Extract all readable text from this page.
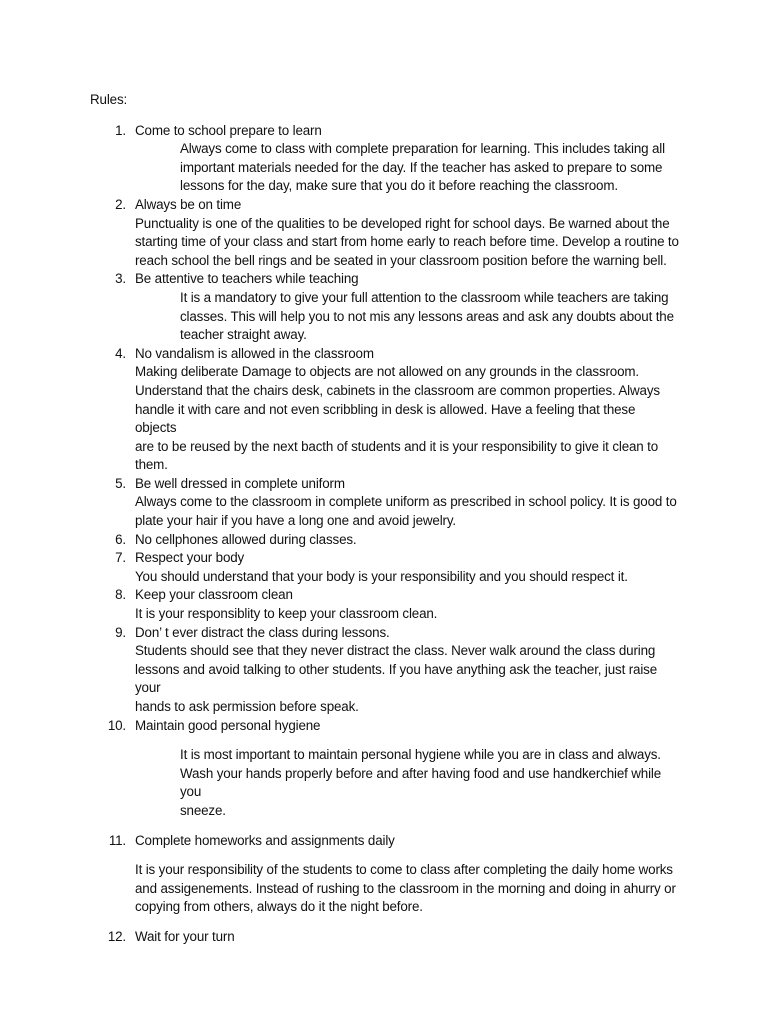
Rules:
1. Come to school prepare to learn
Always come to class with complete preparation for learning. This includes taking all
important materials needed for the day. If the teacher has asked to prepare to some
lessons for the day, make sure that you do it before reaching the classroom.
2. Always be on time
Punctuality is one of the qualities to be developed right for school days. Be warned about the
starting time of your class and start from home early to reach before time. Develop a routine to
reach school the bell rings and be seated in your classroom position before the warning bell.
3. Be attentive to teachers while teaching
It is a mandatory to give your full attention to the classroom while teachers are taking
classes. This will help you to not mis any lessons areas and ask any doubts about the
teacher straight away.
4. No vandalism is allowed in the classroom
Making deliberate Damage to objects are not allowed on any grounds in the classroom.
Understand that the chairs desk, cabinets in the classroom are common properties. Always
handle it with care and not even scribbling in desk is allowed. Have a feeling that these objects
are to be reused by the next bacth of students and it is your responsibility to give it clean to
them.
5. Be well dressed in complete uniform
Always come to the classroom in complete uniform as prescribed in school policy. It is good to
plate your hair if you have a long one and avoid jewelry.
6. No cellphones allowed during classes.
7. Respect your body
You should understand that your body is your responsibility and you should respect it.
8. Keep your classroom clean
It is your responsiblity to keep your classroom clean.
9. Don’ t ever distract the class during lessons.
Students should see that they never distract the class. Never walk around the class during
lessons and avoid talking to other students. If you have anything ask the teacher, just raise your
hands to ask permission before speak.
10. Maintain good personal hygiene
It is most important to maintain personal hygiene while you are in class and always.
Wash your hands properly before and after having food and use handkerchief while you
sneeze.
11. Complete homeworks and assignments daily
It is your responsibility of the students to come to class after completing the daily home works
and assigenements. Instead of rushing to the classroom in the morning and doing in ahurry or
copying from others, always do it the night before.
12. Wait for your turn
